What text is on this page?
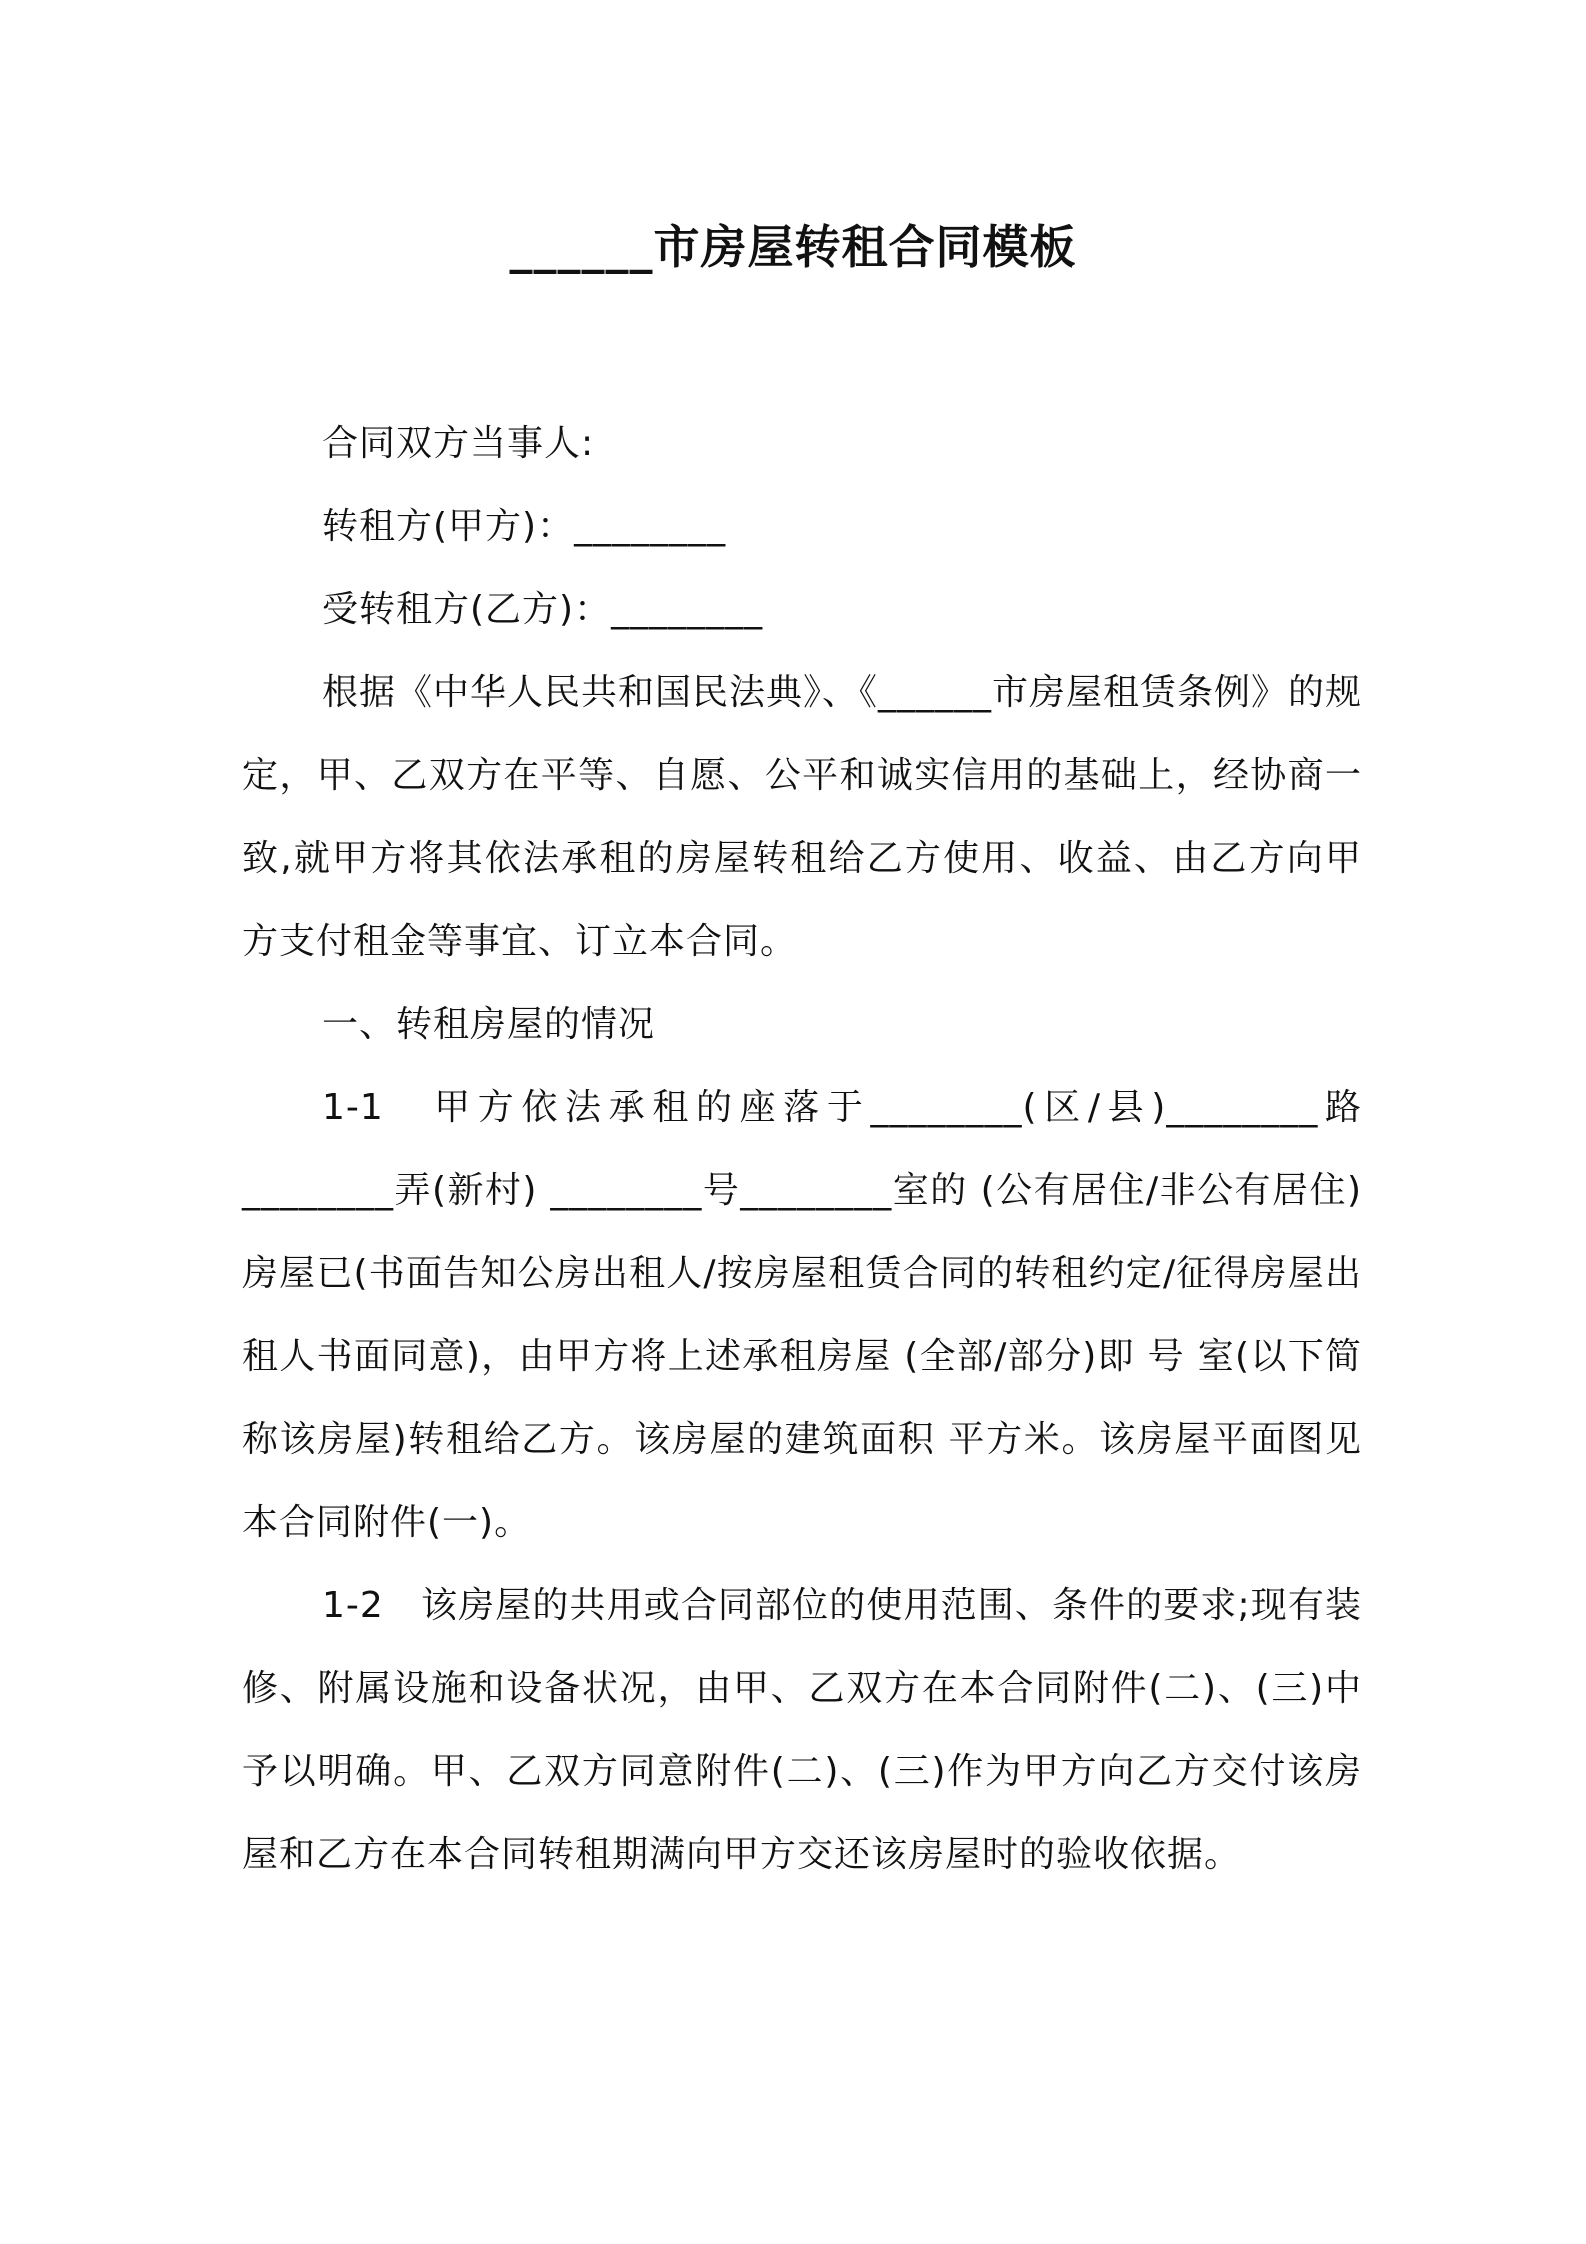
______市房屋转租合同模板

合同双方当事人:

转租方(甲方)：________

受转租方(乙方)：________

根据《中华人民共和国民法典》、《______市房屋租赁条例》的规定，甲、乙双方在平等、自愿、公平和诚实信用的基础上，经协商一致,就甲方将其依法承租的房屋转租给乙方使用、收益、由乙方向甲方支付租金等事宜、订立本合同。

一、转租房屋的情况

1-1　甲方依法承租的座落于________(区/县)________路________弄(新村) ________号________室的 (公有居住/非公有居住)房屋已(书面告知公房出租人/按房屋租赁合同的转租约定/征得房屋出租人书面同意)，由甲方将上述承租房屋 (全部/部分)即 号 室(以下简称该房屋)转租给乙方。该房屋的建筑面积 平方米。该房屋平面图见本合同附件(一)。

1-2　该房屋的共用或合同部位的使用范围、条件的要求;现有装修、附属设施和设备状况，由甲、乙双方在本合同附件(二)、(三)中予以明确。甲、乙双方同意附件(二)、(三)作为甲方向乙方交付该房屋和乙方在本合同转租期满向甲方交还该房屋时的验收依据。
